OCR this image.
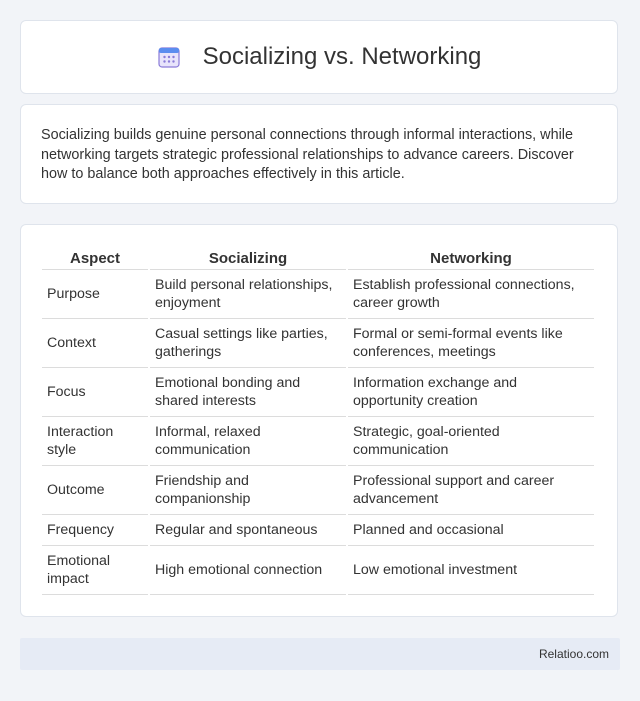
Socializing vs. Networking

Socializing builds genuine personal connections through informal interactions, while networking targets strategic professional relationships to advance careers. Discover how to balance both approaches effectively in this article.

Aspect	Socializing	Networking
Purpose	Build personal relationships, enjoyment	Establish professional connections, career growth
Context	Casual settings like parties, gatherings	Formal or semi-formal events like conferences, meetings
Focus	Emotional bonding and shared interests	Information exchange and opportunity creation
Interaction style	Informal, relaxed communication	Strategic, goal-oriented communication
Outcome	Friendship and companionship	Professional support and career advancement
Frequency	Regular and spontaneous	Planned and occasional
Emotional impact	High emotional connection	Low emotional investment
Relatioo.com
